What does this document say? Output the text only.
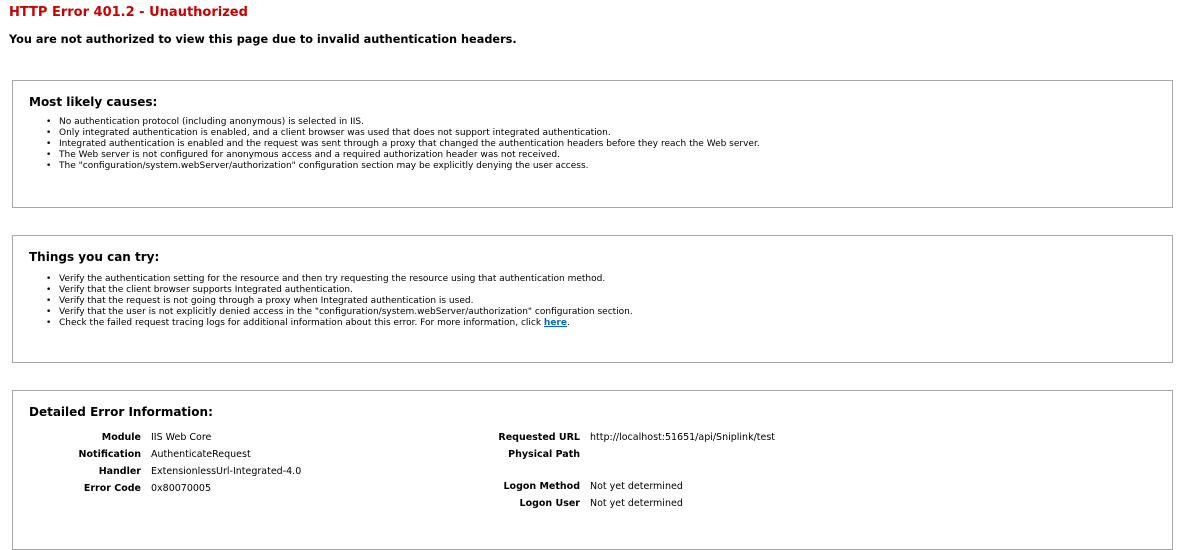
HTTP Error 401.2 - Unauthorized
You are not authorized to view this page due to invalid authentication headers.
Most likely causes:
• No authentication protocol (including anonymous) is selected in IIS.
• Only integrated authentication is enabled, and a client browser was used that does not support integrated authentication.
• Integrated authentication is enabled and the request was sent through a proxy that changed the authentication headers before they reach the Web server.
• The Web server is not configured for anonymous access and a required authorization header was not received.
• The "configuration/system.webServer/authorization" configuration section may be explicitly denying the user access.
Things you can try:
• Verify the authentication setting for the resource and then try requesting the resource using that authentication method.
• Verify that the client browser supports Integrated authentication.
• Verify that the request is not going through a proxy when Integrated authentication is used.
• Verify that the user is not explicitly denied access in the "configuration/system.webServer/authorization" configuration section.
• Check the failed request tracing logs for additional information about this error. For more information, click here.
Detailed Error Information:
Module	IIS Web Core
Notification	AuthenticateRequest
Handler	ExtensionlessUrl-Integrated-4.0
Error Code	0x80070005
Requested URL	http://localhost:51651/api/Sniplink/test
Physical Path	

Logon Method	Not yet determined
Logon User	Not yet determined
